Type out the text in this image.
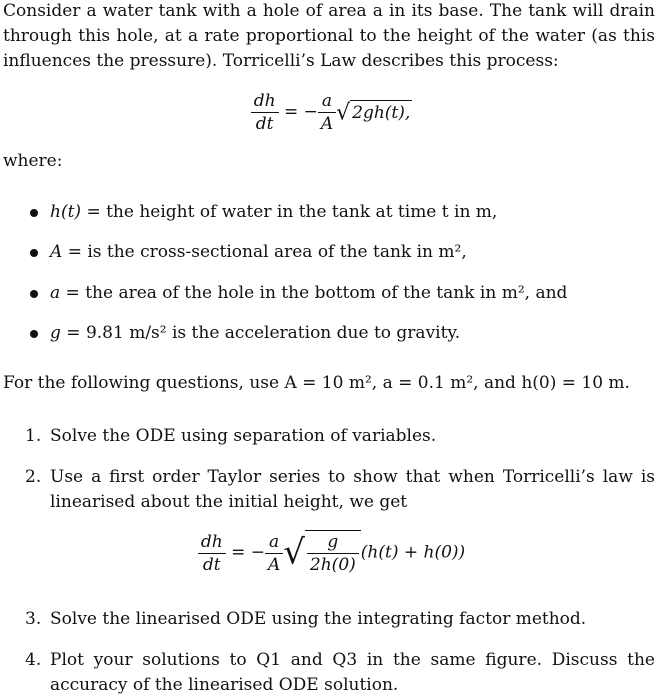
Consider a water tank with a hole of area a in its base. The tank will drain through this hole, at a rate proportional to the height of the water (as this influences the pressure). Torricelli’s Law describes this process:
$\frac{dh}{dt}$ = − $\frac{a}{A}$ √ 2gh(t),
where:
h(t) = the height of water in the tank at time t in m,
A = is the cross-sectional area of the tank in m²,
a = the area of the hole in the bottom of the tank in m², and
g = 9.81 m/s² is the acceleration due to gravity.
For the following questions, use A = 10 m², a = 0.1 m², and h(0) = 10 m.
1. Solve the ODE using separation of variables.
2. Use a first order Taylor series to show that when Torricelli’s law is linearised about the initial height, we get
$\frac{dh}{dt}$ = − $\frac{a}{A}$ √ $\frac{g}{2h(0)} (h(t) + h(0))$
3. Solve the linearised ODE using the integrating factor method.
4. Plot your solutions to Q1 and Q3 in the same figure. Discuss the accuracy of the linearised ODE solution.
